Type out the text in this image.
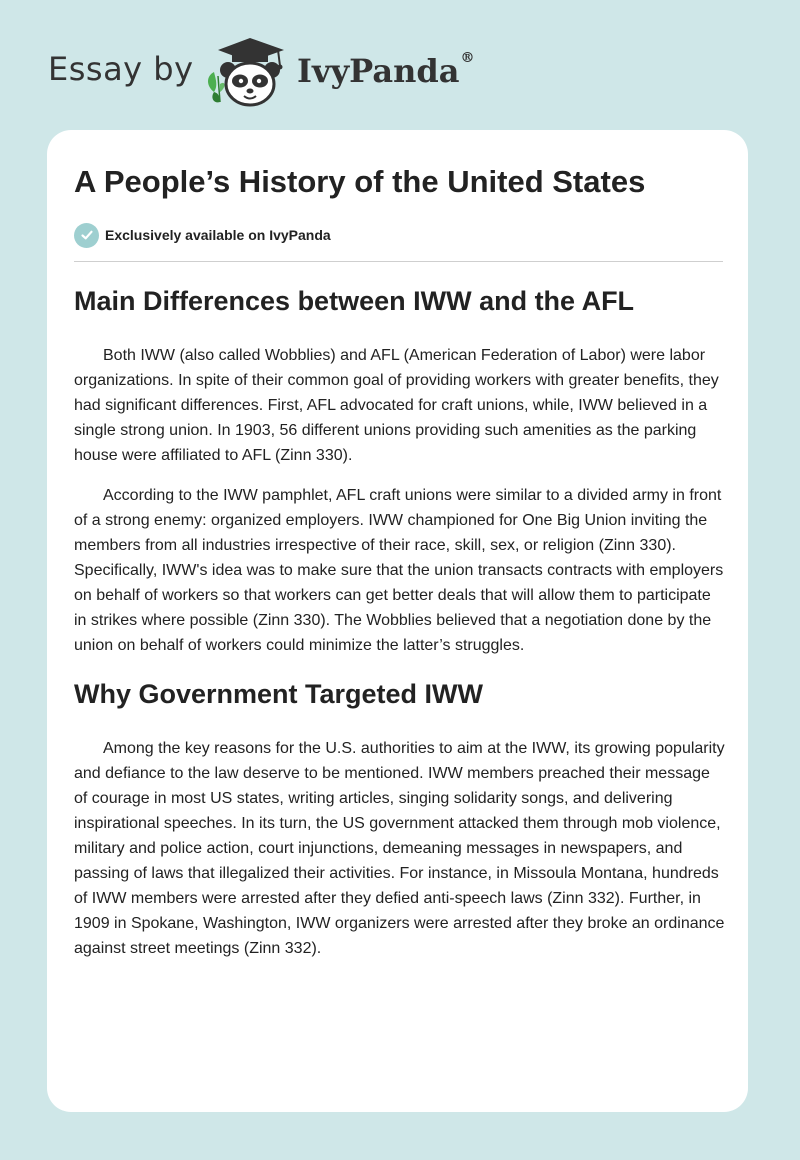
Essay by	IvyPanda®
A People’s History of the United States
Exclusively available on IvyPanda
Main Differences between IWW and the AFL

Both IWW (also called Wobblies) and AFL (American Federation of Labor) were labor organizations. In spite of their common goal of providing workers with greater benefits, they had significant differences. First, AFL advocated for craft unions, while, IWW believed in a single strong union. In 1903, 56 different unions providing such amenities as the parking house were affiliated to AFL (Zinn 330).

According to the IWW pamphlet, AFL craft unions were similar to a divided army in front of a strong enemy: organized employers. IWW championed for One Big Union inviting the members from all industries irrespective of their race, skill, sex, or religion (Zinn 330). Specifically, IWW's idea was to make sure that the union transacts contracts with employers on behalf of workers so that workers can get better deals that will allow them to participate in strikes where possible (Zinn 330). The Wobblies believed that a negotiation done by the union on behalf of workers could minimize the latter’s struggles.

Why Government Targeted IWW

Among the key reasons for the U.S. authorities to aim at the IWW, its growing popularity and defiance to the law deserve to be mentioned. IWW members preached their message of courage in most US states, writing articles, singing solidarity songs, and delivering inspirational speeches. In its turn, the US government attacked them through mob violence, military and police action, court injunctions, demeaning messages in newspapers, and passing of laws that illegalized their activities. For instance, in Missoula Montana, hundreds of IWW members were arrested after they defied anti-speech laws (Zinn 332). Further, in 1909 in Spokane, Washington, IWW organizers were arrested after they broke an ordinance against street meetings (Zinn 332).
